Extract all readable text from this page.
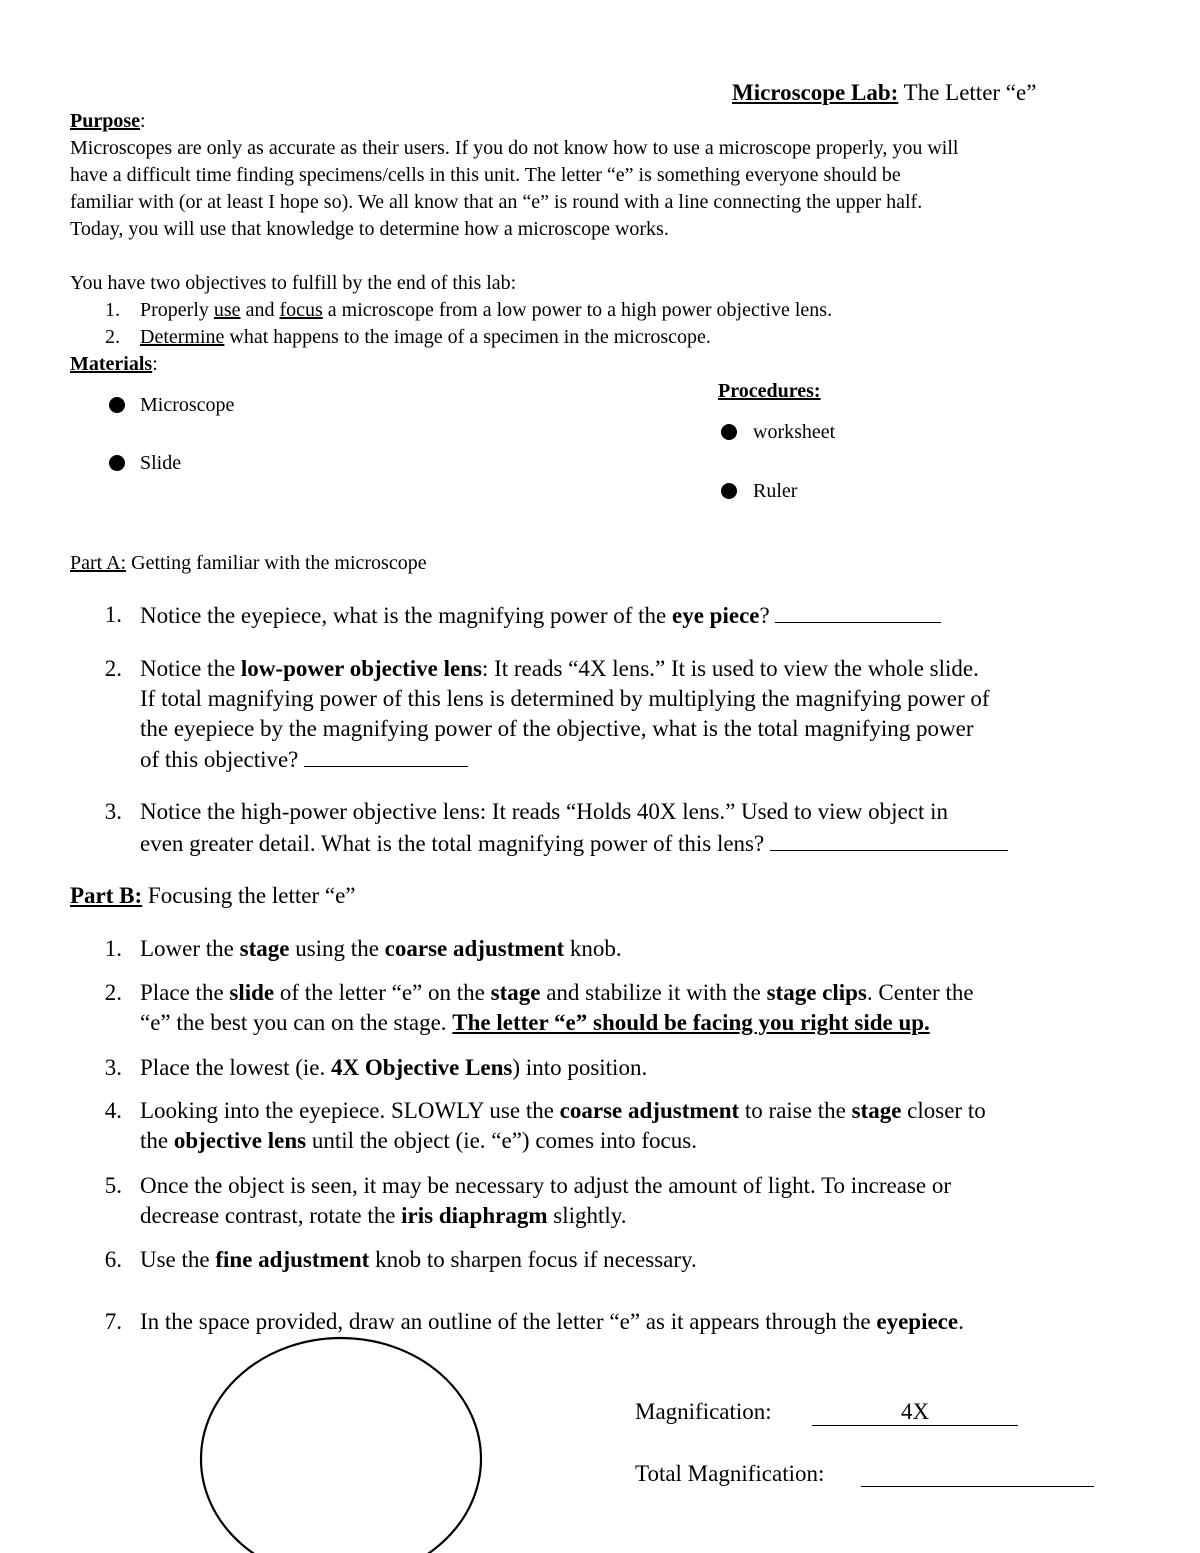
Microscope Lab: The Letter “e”
Purpose:
Microscopes are only as accurate as their users. If you do not know how to use a microscope properly, you will
have a difficult time finding specimens/cells in this unit. The letter “e” is something everyone should be
familiar with (or at least I hope so). We all know that an “e” is round with a line connecting the upper half.
Today, you will use that knowledge to determine how a microscope works.
You have two objectives to fulfill by the end of this lab:
1. Properly use and focus a microscope from a low power to a high power objective lens.
2. Determine what happens to the image of a specimen in the microscope.
Materials:
Microscope
Slide
Procedures:
worksheet
Ruler
Part A: Getting familiar with the microscope
1. Notice the eyepiece, what is the magnifying power of the eye piece?
2. Notice the low-power objective lens: It reads “4X lens.” It is used to view the whole slide.
If total magnifying power of this lens is determined by multiplying the magnifying power of
the eyepiece by the magnifying power of the objective, what is the total magnifying power
of this objective?
3. Notice the high-power objective lens: It reads “Holds 40X lens.” Used to view object in
even greater detail. What is the total magnifying power of this lens?
Part B: Focusing the letter “e”
1. Lower the stage using the coarse adjustment knob.
2. Place the slide of the letter “e” on the stage and stabilize it with the stage clips. Center the
“e” the best you can on the stage. The letter “e” should be facing you right side up.
3. Place the lowest (ie. 4X Objective Lens) into position.
4. Looking into the eyepiece. SLOWLY use the coarse adjustment to raise the stage closer to
the objective lens until the object (ie. “e”) comes into focus.
5. Once the object is seen, it may be necessary to adjust the amount of light. To increase or
decrease contrast, rotate the iris diaphragm slightly.
6. Use the fine adjustment knob to sharpen focus if necessary.
7. In the space provided, draw an outline of the letter “e” as it appears through the eyepiece.
Magnification:	4X
Total Magnification:
